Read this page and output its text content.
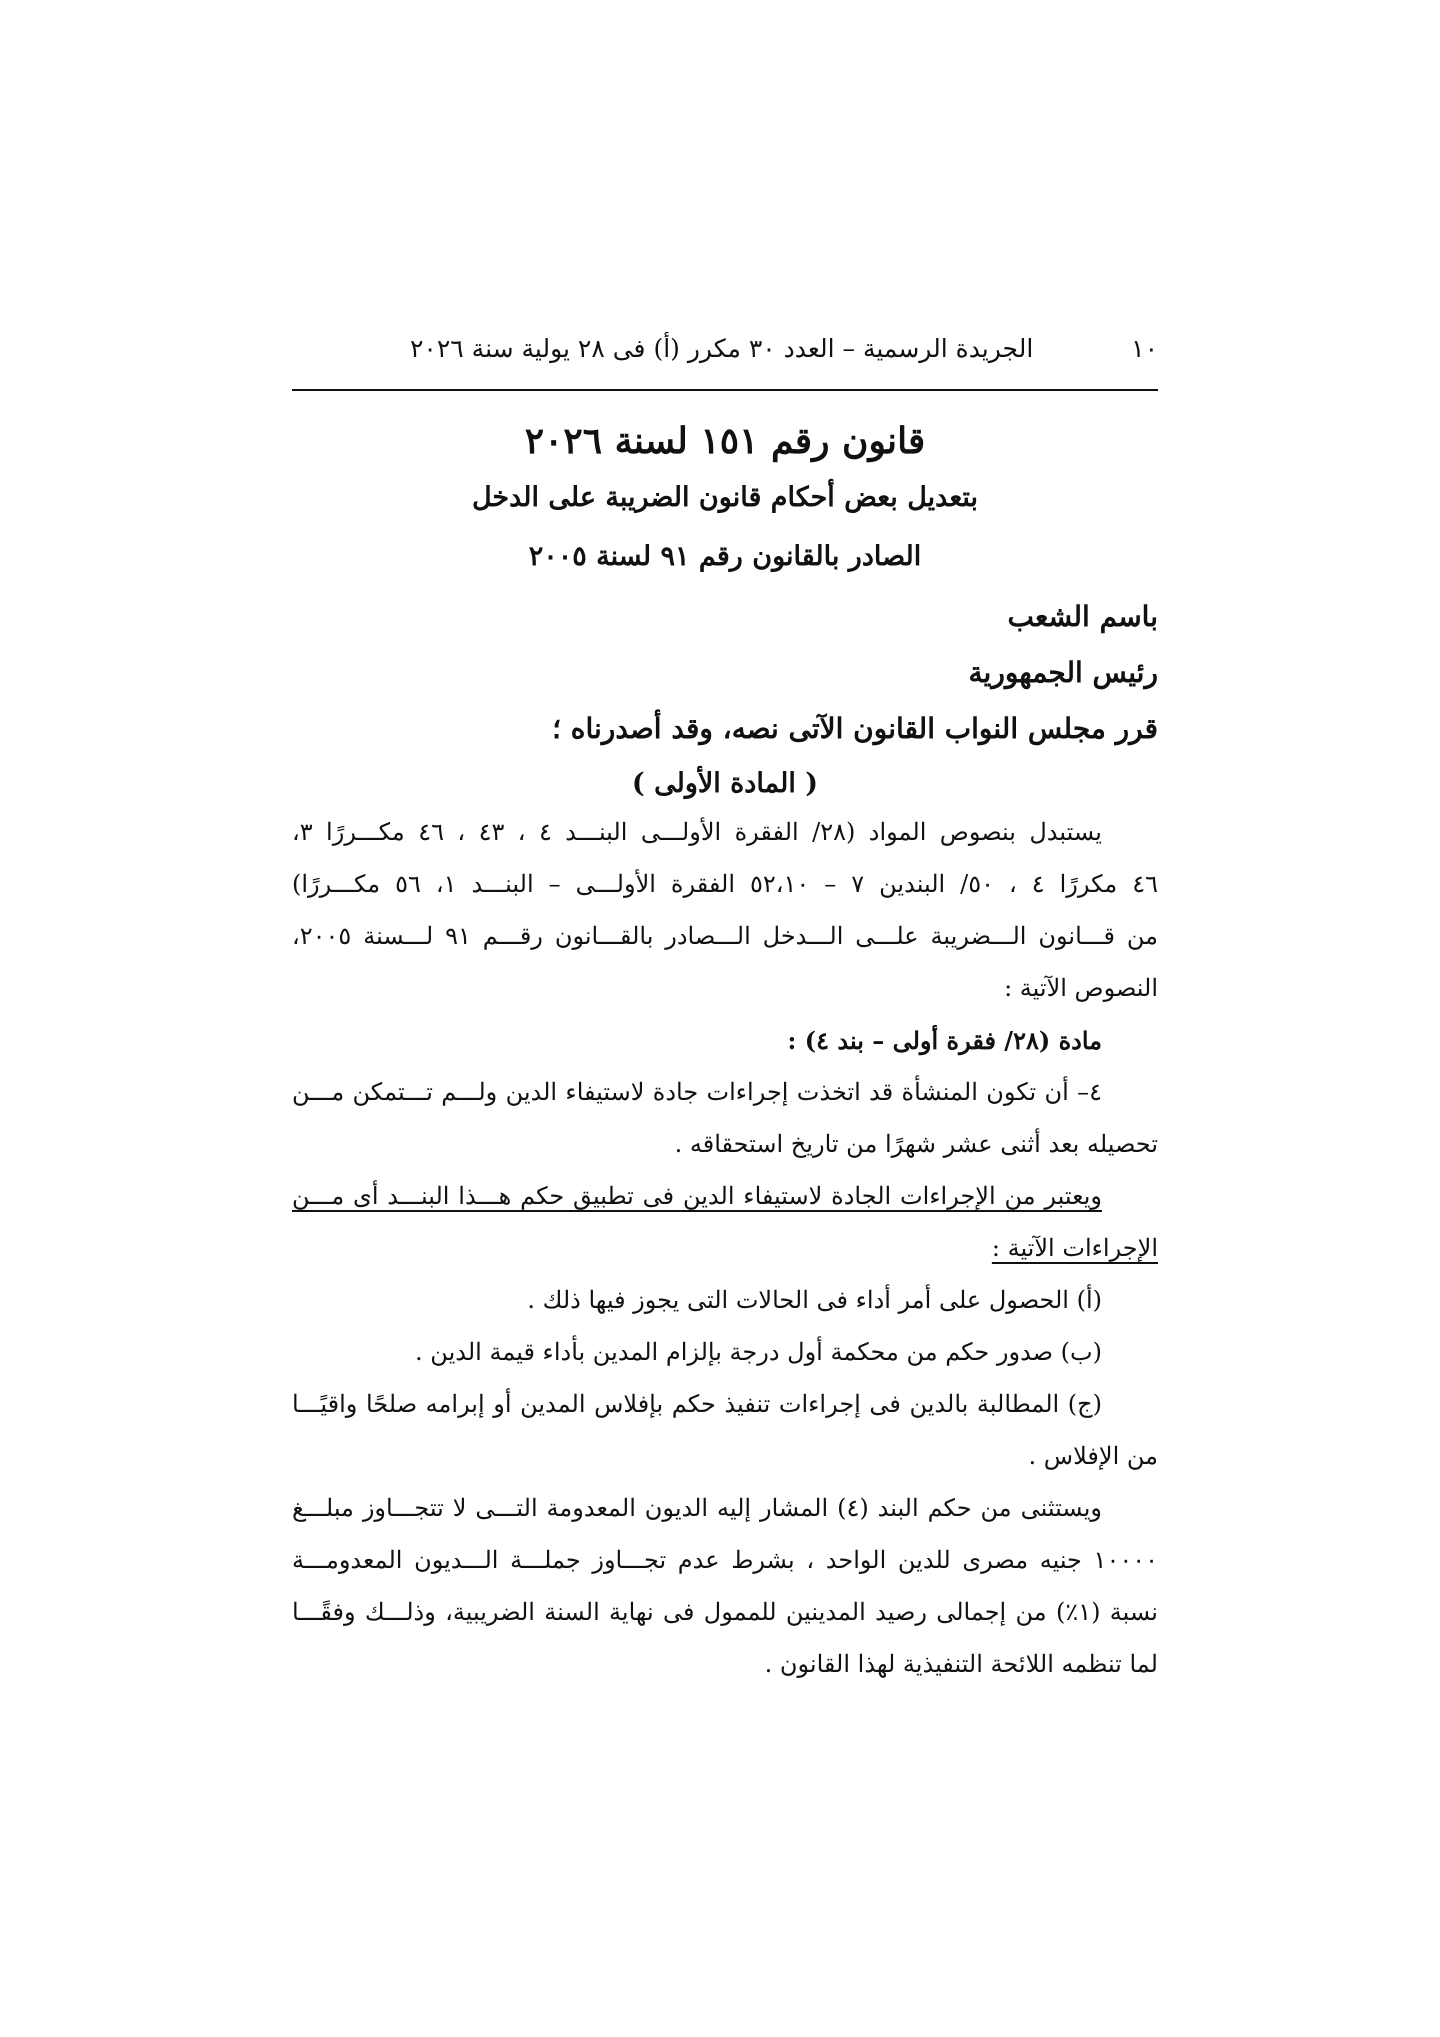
١٠
الجريدة الرسمية – العدد ٣٠ مكرر (أ) فى ٢٨ يولية سنة ٢٠٢٦
قانون رقم ١٥١ لسنة ٢٠٢٦
بتعديل بعض أحكام قانون الضريبة على الدخل
الصادر بالقانون رقم ٩١ لسنة ٢٠٠٥
باسم الشعب
رئيس الجمهورية
قرر مجلس النواب القانون الآتى نصه، وقد أصدرناه ؛
( المادة الأولى )
يستبدل بنصوص المواد (٢٨/ الفقرة الأولـــى البنـــد ٤ ، ٤٣ ، ٤٦ مكـــررًا ٣،
٤٦ مكررًا ٤ ، ٥٠/ البندين ٧ – ٥٢،١٠ الفقرة الأولـــى – البنـــد ١، ٥٦ مكـــررًا)
من قـــانون الـــضريبة علـــى الـــدخل الـــصادر بالقـــانون رقـــم ٩١ لـــسنة ٢٠٠٥،
النصوص الآتية :
مادة (٢٨/ فقرة أولى – بند ٤) :
٤– أن تكون المنشأة قد اتخذت إجراءات جادة لاستيفاء الدين ولـــم تـــتمكن مـــن
تحصيله بعد أثنى عشر شهرًا من تاريخ استحقاقه .
ويعتبر من الإجراءات الجادة لاستيفاء الدين فى تطبيق حكم هـــذا البنـــد أى مـــن
الإجراءات الآتية :
(أ) الحصول على أمر أداء فى الحالات التى يجوز فيها ذلك .
(ب) صدور حكم من محكمة أول درجة بإلزام المدين بأداء قيمة الدين .
(ج) المطالبة بالدين فى إجراءات تنفيذ حكم بإفلاس المدين أو إبرامه صلحًا واقيًـــا
من الإفلاس .
ويستثنى من حكم البند (٤) المشار إليه الديون المعدومة التـــى لا تتجـــاوز مبلـــغ
١٠٠٠٠ جنيه مصرى للدين الواحد ، بشرط عدم تجـــاوز جملـــة الـــديون المعدومـــة
نسبة (١٪) من إجمالى رصيد المدينين للممول فى نهاية السنة الضريبية، وذلـــك وفقًـــا
لما تنظمه اللائحة التنفيذية لهذا القانون .
